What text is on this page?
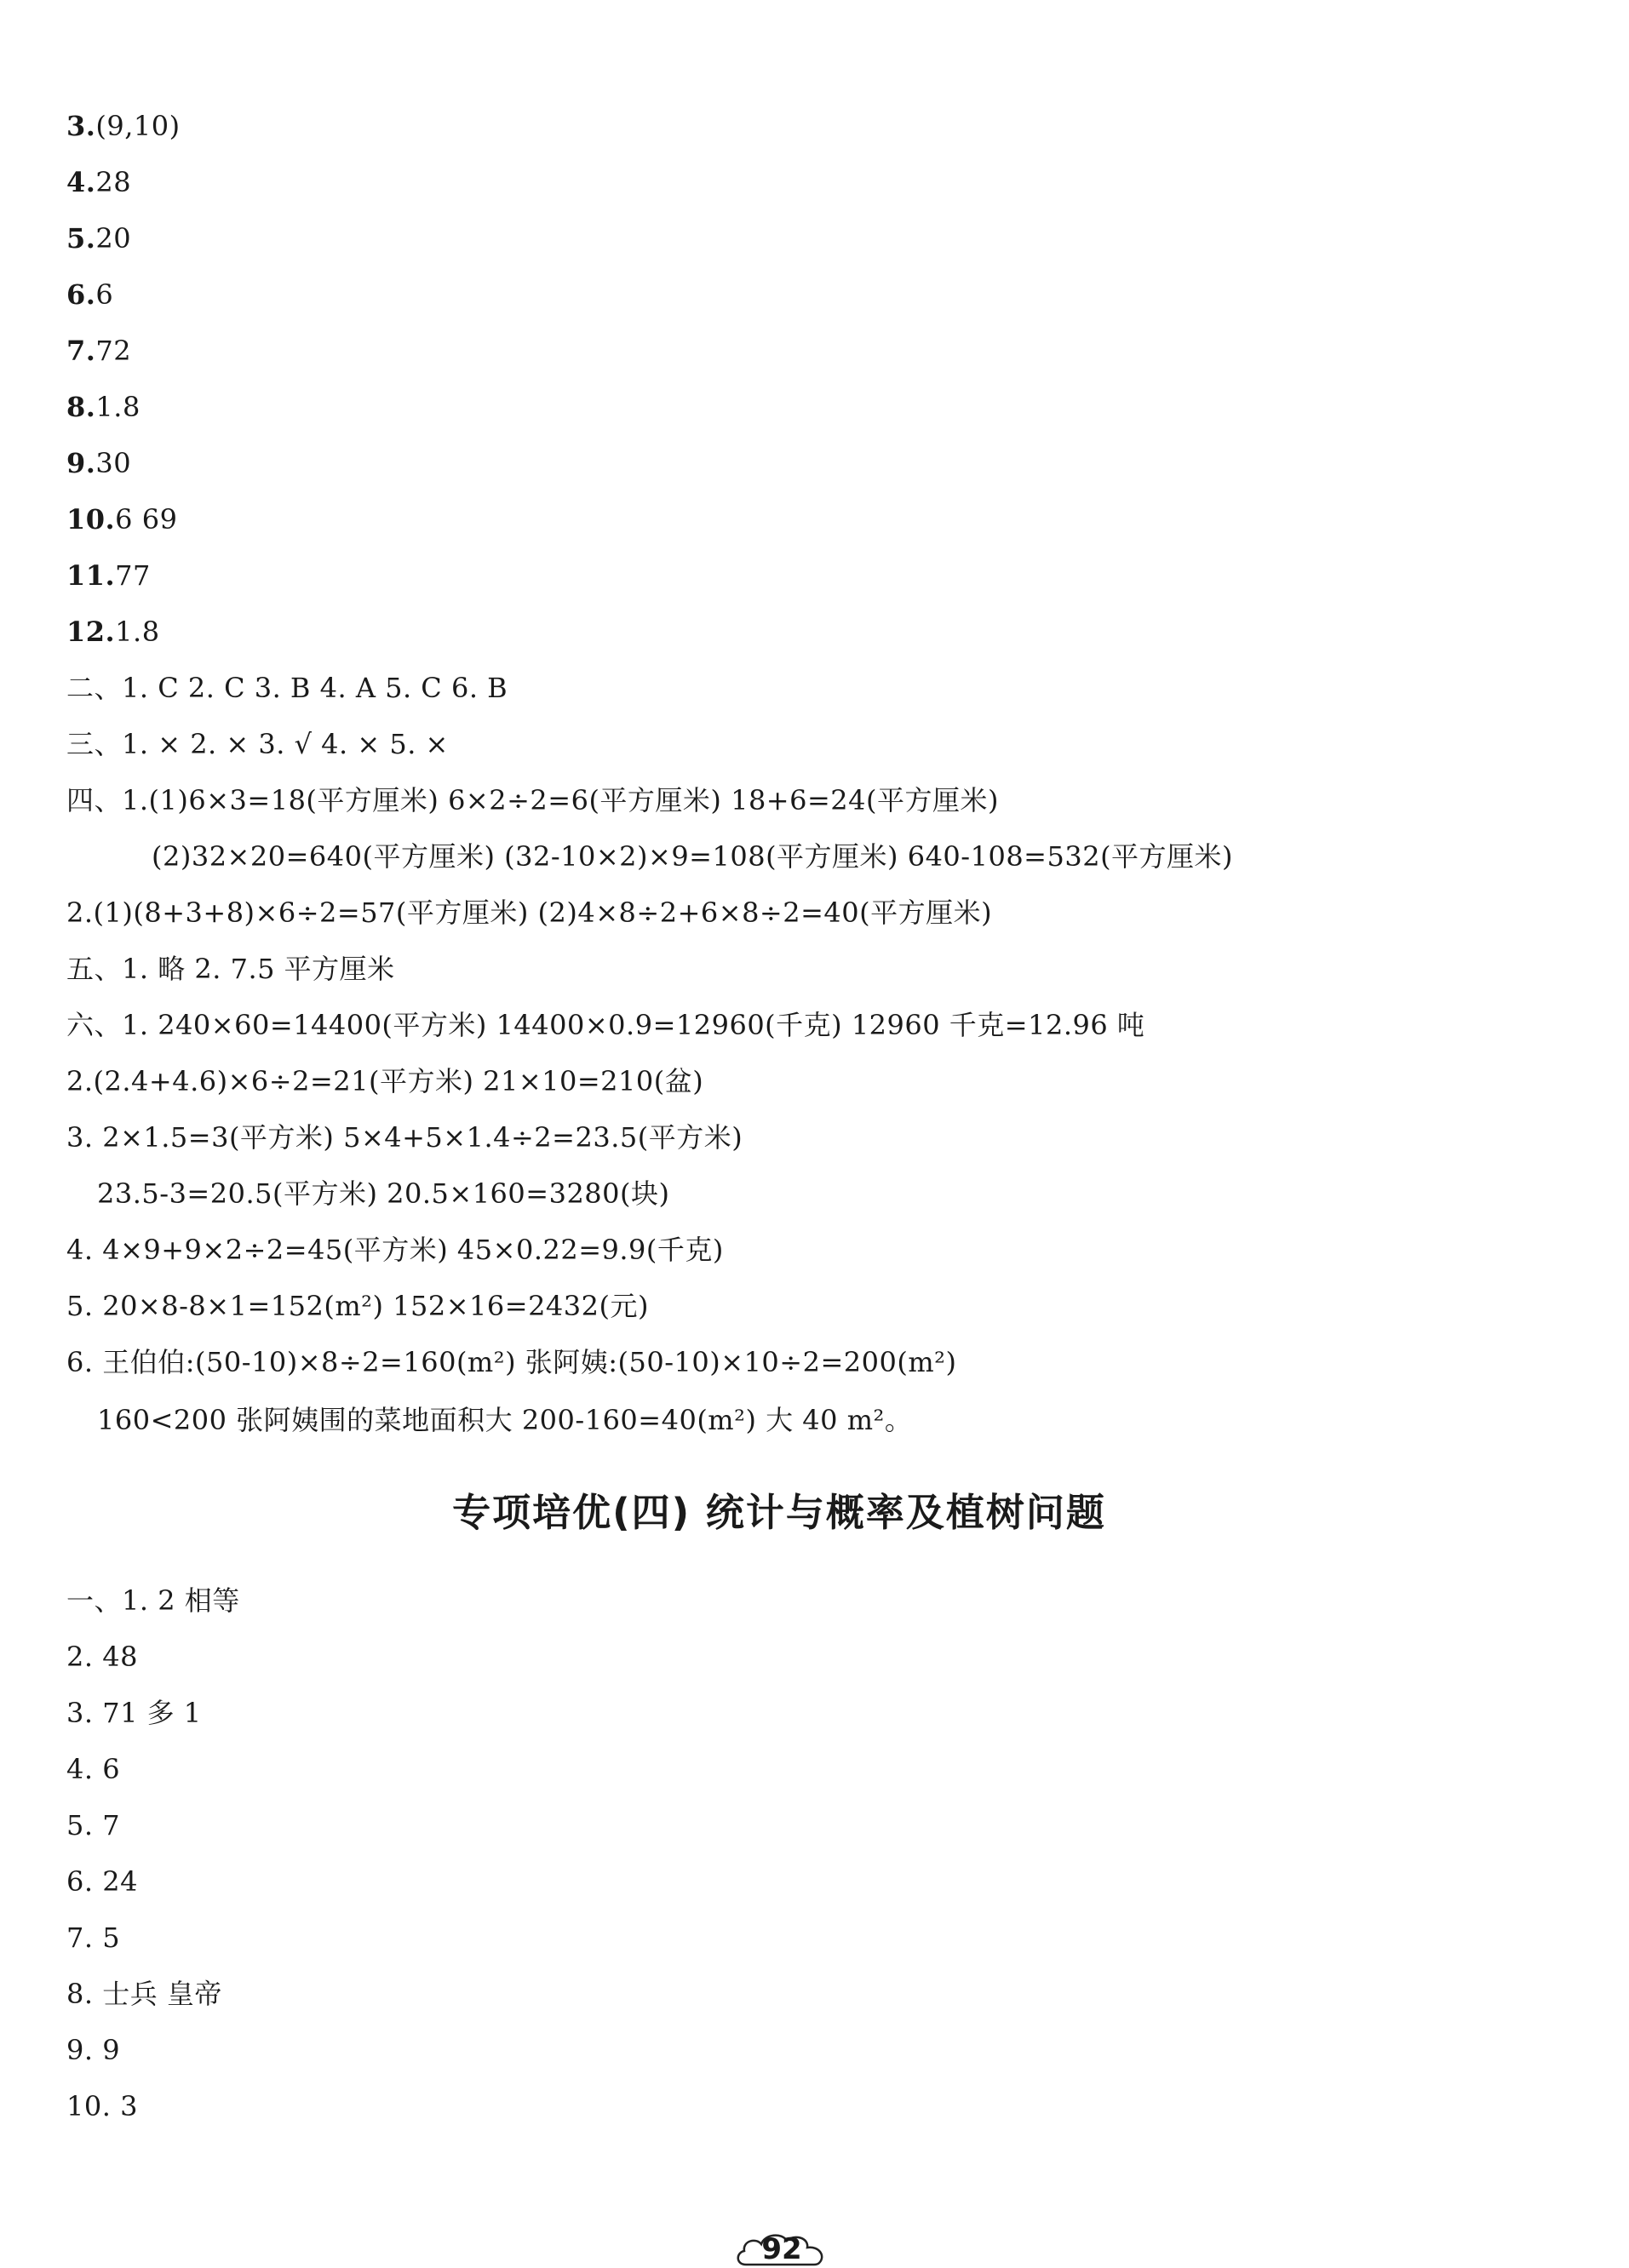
3.(9,10)
4.28
5.20
6.6
7.72
8.1.8
9.30
10.6 69
11.77
12.1.8
二、1. C 2. C 3. B 4. A 5. C 6. B
三、1. × 2. × 3. √ 4. × 5. ×
四、1.(1)6×3=18(平方厘米) 6×2÷2=6(平方厘米) 18+6=24(平方厘米)
(2)32×20=640(平方厘米) (32-10×2)×9=108(平方厘米) 640-108=532(平方厘米)
2.(1)(8+3+8)×6÷2=57(平方厘米) (2)4×8÷2+6×8÷2=40(平方厘米)
五、1. 略 2. 7.5 平方厘米
六、1. 240×60=14400(平方米) 14400×0.9=12960(千克) 12960 千克=12.96 吨
2.(2.4+4.6)×6÷2=21(平方米) 21×10=210(盆)
3. 2×1.5=3(平方米) 5×4+5×1.4÷2=23.5(平方米)
23.5-3=20.5(平方米) 20.5×160=3280(块)
4. 4×9+9×2÷2=45(平方米) 45×0.22=9.9(千克)
5. 20×8-8×1=152(m²) 152×16=2432(元)
6. 王伯伯:(50-10)×8÷2=160(m²) 张阿姨:(50-10)×10÷2=200(m²)
160<200 张阿姨围的菜地面积大 200-160=40(m²) 大 40 m²。
专项培优(四) 统计与概率及植树问题
一、1. 2 相等
2. 48
3. 71 多 1
4. 6
5. 7
6. 24
7. 5
8. 士兵 皇帝
9. 9
10. 3
92
